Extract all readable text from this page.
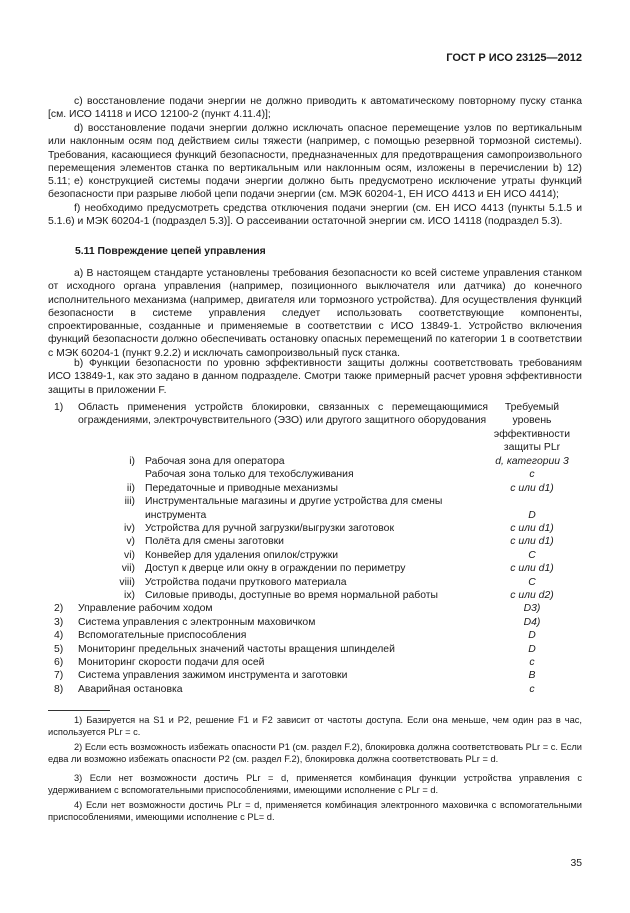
ГОСТ Р ИСО 23125—2012

c) восстановление подачи энергии не должно приводить к автоматическому повторному пуску станка [см. ИСО 14118 и ИСО 12100-2 (пункт 4.11.4)];

d) восстановление подачи энергии должно исключать опасное перемещение узлов по вертикальным или наклонным осям под действием силы тяжести (например, с помощью резервной тормозной системы). Требования, касающиеся функций безопасности, предназначенных для предотвращения самопроизвольного перемещения элементов станка по вертикальным или наклонным осям, изложены в перечислении b) 12) 5.11; e) конструкцией системы подачи энергии должно быть предусмотрено исключение утраты функций безопасности при разрыве любой цепи подачи энергии (см. МЭК 60204-1, ЕН ИСО 4413 и ЕН ИСО 4414);

f) необходимо предусмотреть средства отключения подачи энергии (см. ЕН ИСО 4413 (пункты 5.1.5 и 5.1.6) и МЭК 60204-1 (подраздел 5.3)]. О рассеивании остаточной энергии см. ИСО 14118 (подраздел 5.3).

5.11 Повреждение цепей управления

a) В настоящем стандарте установлены требования безопасности ко всей системе управления станком от исходного органа управления (например, позиционного выключателя или датчика) до конечного исполнительного механизма (например, двигателя или тормозного устройства). Для осуществления функций безопасности в системе управления следует использовать соответствующие компоненты, спроектированные, созданные и применяемые в соответствии с ИСО 13849-1. Устройство включения функций безопасности должно обеспечивать остановку опасных перемещений по категории 1 в соответствии с МЭК 60204-1 (пункт 9.2.2) и исключать самопроизвольный пуск станка.

b) Функции безопасности по уровню эффективности защиты должны соответствовать требованиям ИСО 13849-1, как это задано в данном подразделе. Смотри также примерный расчет уровня эффективности защиты в приложении F.

1) Область применения устройств блокировки, связанных с перемещающимися ограждениями, электрочувствительного (ЭЗО) или другого защитного оборудования
Требуемый
уровень
эффективности
защиты PLr
i) Рабочая зона для оператора	d, категории 3
Рабочая зона только для техобслуживания	c
ii) Передаточные и приводные механизмы	c или d1)
iii) Инструментальные магазины и другие устройства для смены
инструмента	D
iv) Устройства для ручной загрузки/выгрузки заготовок	c или d1)
v) Полёта для смены заготовки	c или d1)
vi) Конвейер для удаления опилок/стружки	C
vii) Доступ к дверце или окну в ограждении по периметру	c или d1)
viii) Устройства подачи пруткового материала	C
ix) Силовые приводы, доступные во время нормальной работы	c или d2)
2) Управление рабочим ходом	D3)
3) Система управления с электронным маховичком	D4)
4) Вспомогательные приспособления	D
5) Мониторинг предельных значений частоты вращения шпинделей	D
6) Мониторинг скорости подачи для осей	c
7) Система управления зажимом инструмента и заготовки	B
8) Аварийная остановка	c

1) Базируется на S1 и P2, решение F1 и F2 зависит от частоты доступа. Если она меньше, чем один раз в час, используется PLr = c.

2) Если есть возможность избежать опасности P1 (см. раздел F.2), блокировка должна соответствовать PLr = c. Если едва ли возможно избежать опасности P2 (см. раздел F.2), блокировка должна соответствовать PLr = d.

3) Если нет возможности достичь PLr = d, применяется комбинация функции устройства управления с удерживанием с вспомогательными приспособлениями, имеющими исполнение с PLr = d.

4) Если нет возможности достичь PLr = d, применяется комбинация электронного маховичка с вспомогательными приспособлениями, имеющими исполнение с PL= d.

35
